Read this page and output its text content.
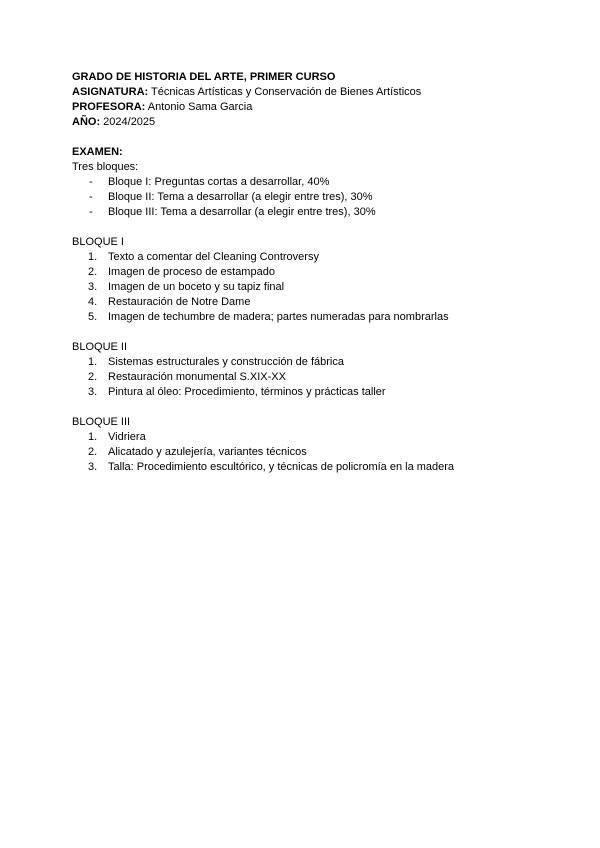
GRADO DE HISTORIA DEL ARTE, PRIMER CURSO
ASIGNATURA: Técnicas Artísticas y Conservación de Bienes Artísticos
PROFESORA: Antonio Sama Garcia
AÑO: 2024/2025
EXAMEN:
Tres bloques:
- Bloque I: Preguntas cortas a desarrollar, 40%
- Bloque II: Tema a desarrollar (a elegir entre tres), 30%
- Bloque III: Tema a desarrollar (a elegir entre tres), 30%
BLOQUE I
1. Texto a comentar del Cleaning Controversy
2. Imagen de proceso de estampado
3. Imagen de un boceto y su tapiz final
4. Restauración de Notre Dame
5. Imagen de techumbre de madera; partes numeradas para nombrarlas
BLOQUE II
1. Sistemas estructurales y construcción de fábrica
2. Restauración monumental S.XIX-XX
3. Pintura al óleo: Procedimiento, términos y prácticas taller
BLOQUE III
1. Vidriera
2. Alicatado y azulejería, variantes técnicos
3. Talla: Procedimiento escultórico, y técnicas de policromía en la madera
